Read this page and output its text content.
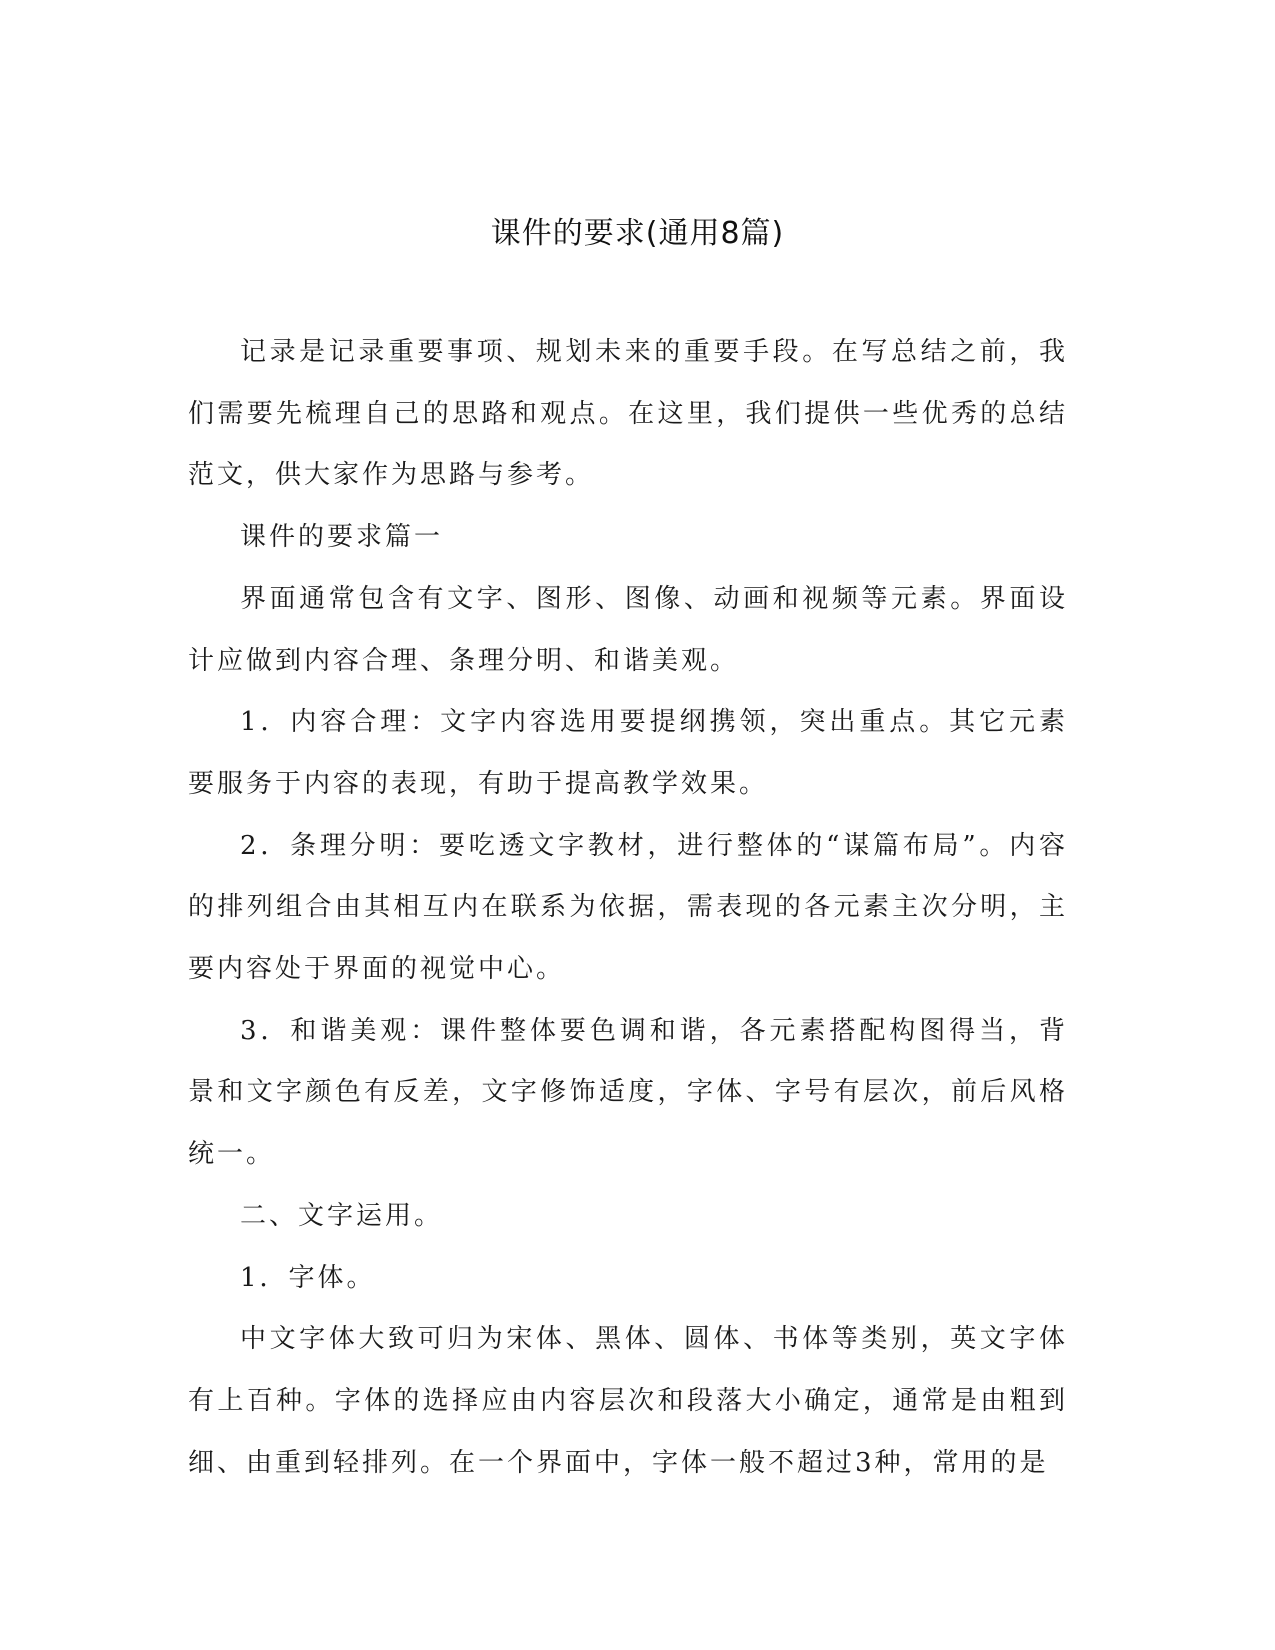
课件的要求(通用8篇)

记录是记录重要事项、规划未来的重要手段。在写总结之前，我们需要先梳理自己的思路和观点。在这里，我们提供一些优秀的总结范文，供大家作为思路与参考。

课件的要求篇一

界面通常包含有文字、图形、图像、动画和视频等元素。界面设计应做到内容合理、条理分明、和谐美观。

1．内容合理：文字内容选用要提纲携领，突出重点。其它元素要服务于内容的表现，有助于提高教学效果。

2．条理分明：要吃透文字教材，进行整体的“谋篇布局”。内容的排列组合由其相互内在联系为依据，需表现的各元素主次分明，主要内容处于界面的视觉中心。

3．和谐美观：课件整体要色调和谐，各元素搭配构图得当，背景和文字颜色有反差，文字修饰适度，字体、字号有层次，前后风格统一。

二、文字运用。

1．字体。

中文字体大致可归为宋体、黑体、圆体、书体等类别，英文字体有上百种。字体的选择应由内容层次和段落大小确定，通常是由粗到细、由重到轻排列。在一个界面中，字体一般不超过3种，常用的是
